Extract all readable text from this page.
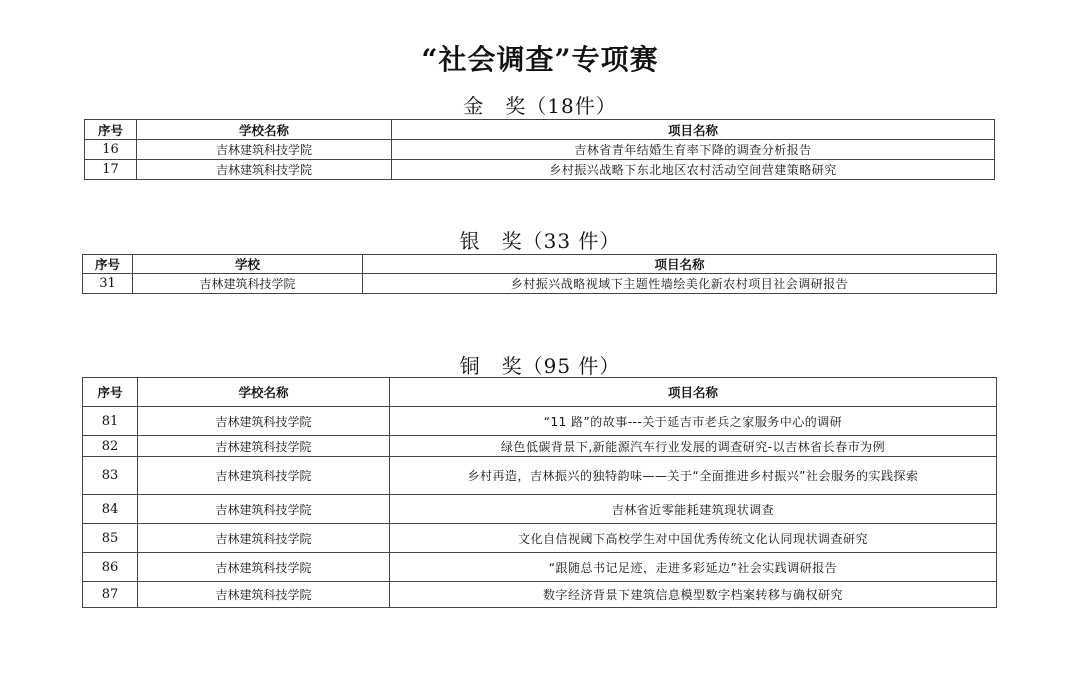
“社会调查”专项赛
金　奖（18件）
序号	学校名称	项目名称
16	吉林建筑科技学院	吉林省青年结婚生育率下降的调查分析报告
17	吉林建筑科技学院	乡村振兴战略下东北地区农村活动空间营建策略研究
银　奖（33 件）
序号	学校	项目名称
31	吉林建筑科技学院	乡村振兴战略视域下主题性墙绘美化新农村项目社会调研报告
铜　奖（95 件）
序号	学校名称	项目名称
81	吉林建筑科技学院	“11 路”的故事---关于延吉市老兵之家服务中心的调研
82	吉林建筑科技学院	绿色低碳背景下,新能源汽车行业发展的调查研究-以吉林省长春市为例
83	吉林建筑科技学院	乡村再造，吉林振兴的独特韵味——关于“全面推进乡村振兴”社会服务的实践探索
84	吉林建筑科技学院	吉林省近零能耗建筑现状调查
85	吉林建筑科技学院	文化自信视阈下高校学生对中国优秀传统文化认同现状调查研究
86	吉林建筑科技学院	“跟随总书记足迹，走进多彩延边”社会实践调研报告
87	吉林建筑科技学院	数字经济背景下建筑信息模型数字档案转移与确权研究
